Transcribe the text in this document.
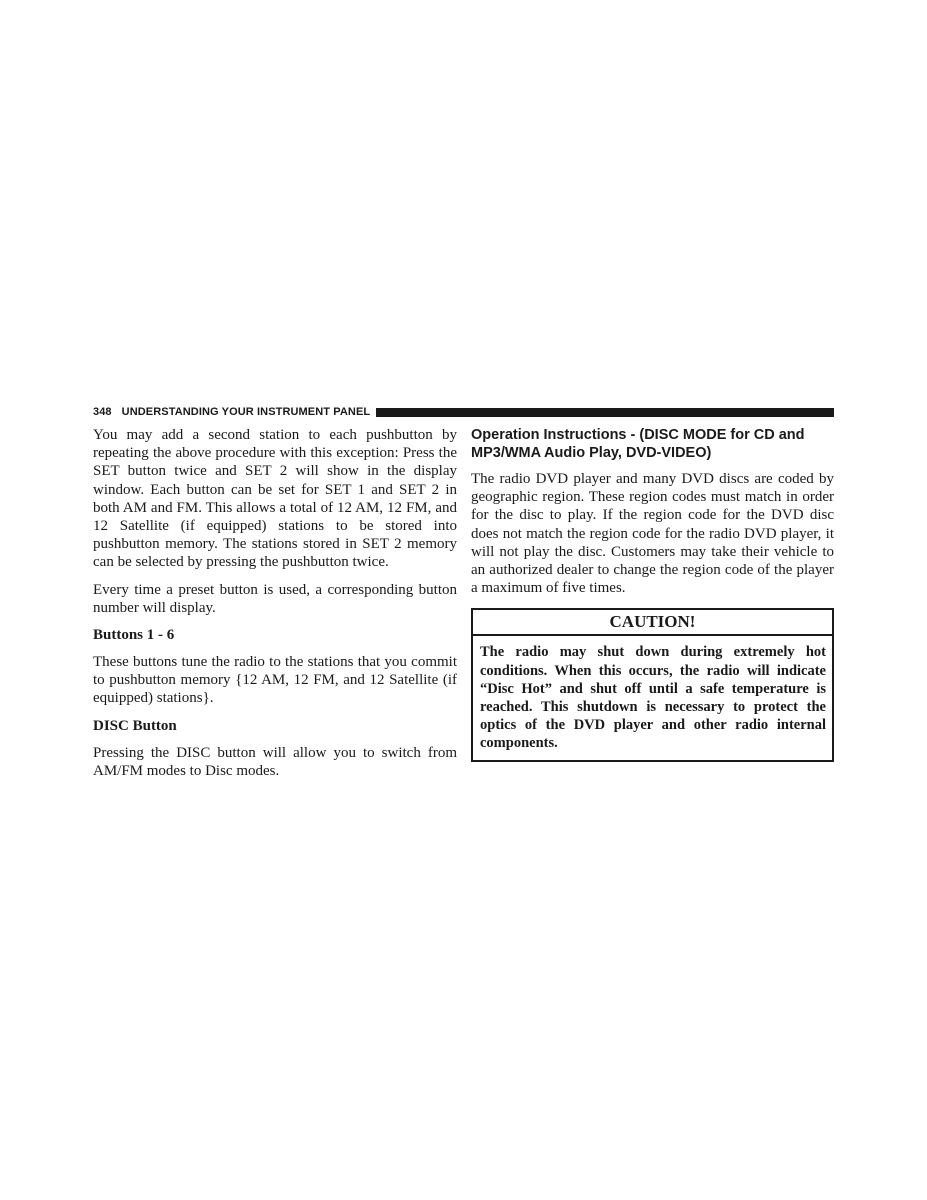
348 UNDERSTANDING YOUR INSTRUMENT PANEL

You may add a second station to each pushbutton by repeating the above procedure with this exception: Press the SET button twice and SET 2 will show in the display window. Each button can be set for SET 1 and SET 2 in both AM and FM. This allows a total of 12 AM, 12 FM, and 12 Satellite (if equipped) stations to be stored into pushbutton memory. The stations stored in SET 2 memory can be selected by pressing the pushbutton twice.

Every time a preset button is used, a corresponding button number will display.

Buttons 1 - 6

These buttons tune the radio to the stations that you commit to pushbutton memory {12 AM, 12 FM, and 12 Satellite (if equipped) stations}.

DISC Button

Pressing the DISC button will allow you to switch from AM/FM modes to Disc modes.

Operation Instructions - (DISC MODE for CD and MP3/WMA Audio Play, DVD-VIDEO)

The radio DVD player and many DVD discs are coded by geographic region. These region codes must match in order for the disc to play. If the region code for the DVD disc does not match the region code for the radio DVD player, it will not play the disc. Customers may take their vehicle to an authorized dealer to change the region code of the player a maximum of five times.

CAUTION!
The radio may shut down during extremely hot conditions. When this occurs, the radio will indicate “Disc Hot” and shut off until a safe temperature is reached. This shutdown is necessary to protect the optics of the DVD player and other radio internal components.
